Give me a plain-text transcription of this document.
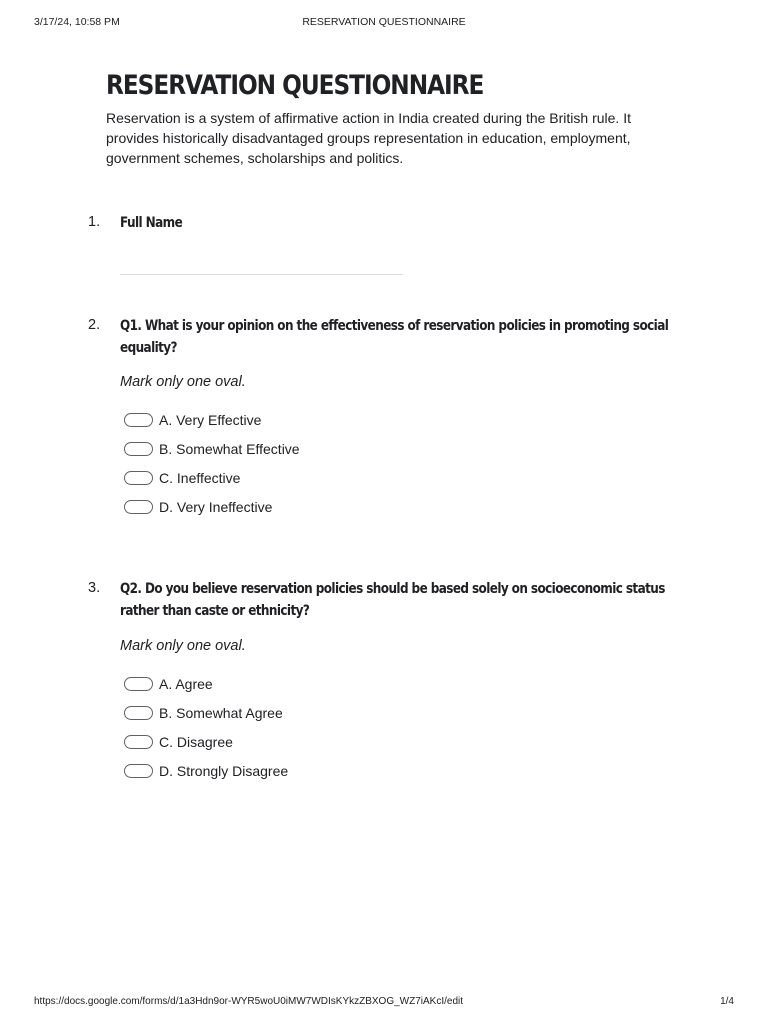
3/17/24, 10:58 PM	RESERVATION QUESTIONNAIRE
RESERVATION QUESTIONNAIRE

Reservation is a system of affirmative action in India created during the British rule. It provides historically disadvantaged groups representation in education, employment, government schemes, scholarships and politics.

1. Full Name

2. Q1. What is your opinion on the effectiveness of reservation policies in promoting social equality?

Mark only one oval.
A. Very Effective
B. Somewhat Effective
C. Ineffective
D. Very Ineffective
3. Q2. Do you believe reservation policies should be based solely on socioeconomic status rather than caste or ethnicity?

Mark only one oval.
A. Agree
B. Somewhat Agree
C. Disagree
D. Strongly Disagree
https://docs.google.com/forms/d/1a3Hdn9or-WYR5woU0iMW7WDIsKYkzZBXOG_WZ7iAKcI/edit	1/4
